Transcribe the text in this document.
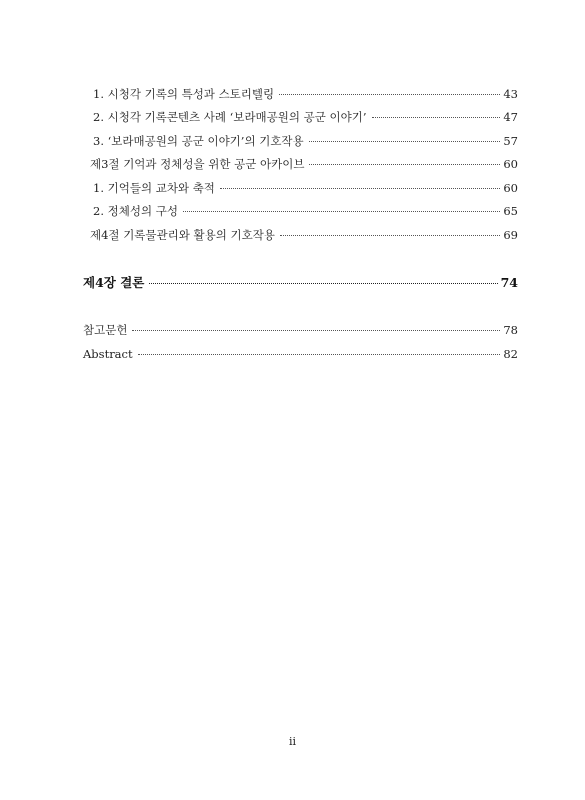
1. 시청각 기록의 특성과 스토리텔링	43
2. 시청각 기록콘텐츠 사례 ‘보라매공원의 공군 이야기’	47
3. ‘보라매공원의 공군 이야기’의 기호작용	57
제3절 기억과 정체성을 위한 공군 아카이브	60
1. 기억들의 교차와 축적	60
2. 정체성의 구성	65
제4절 기록물관리와 활용의 기호작용	69
제4장 결론	74
참고문헌	78
Abstract	82
ii
